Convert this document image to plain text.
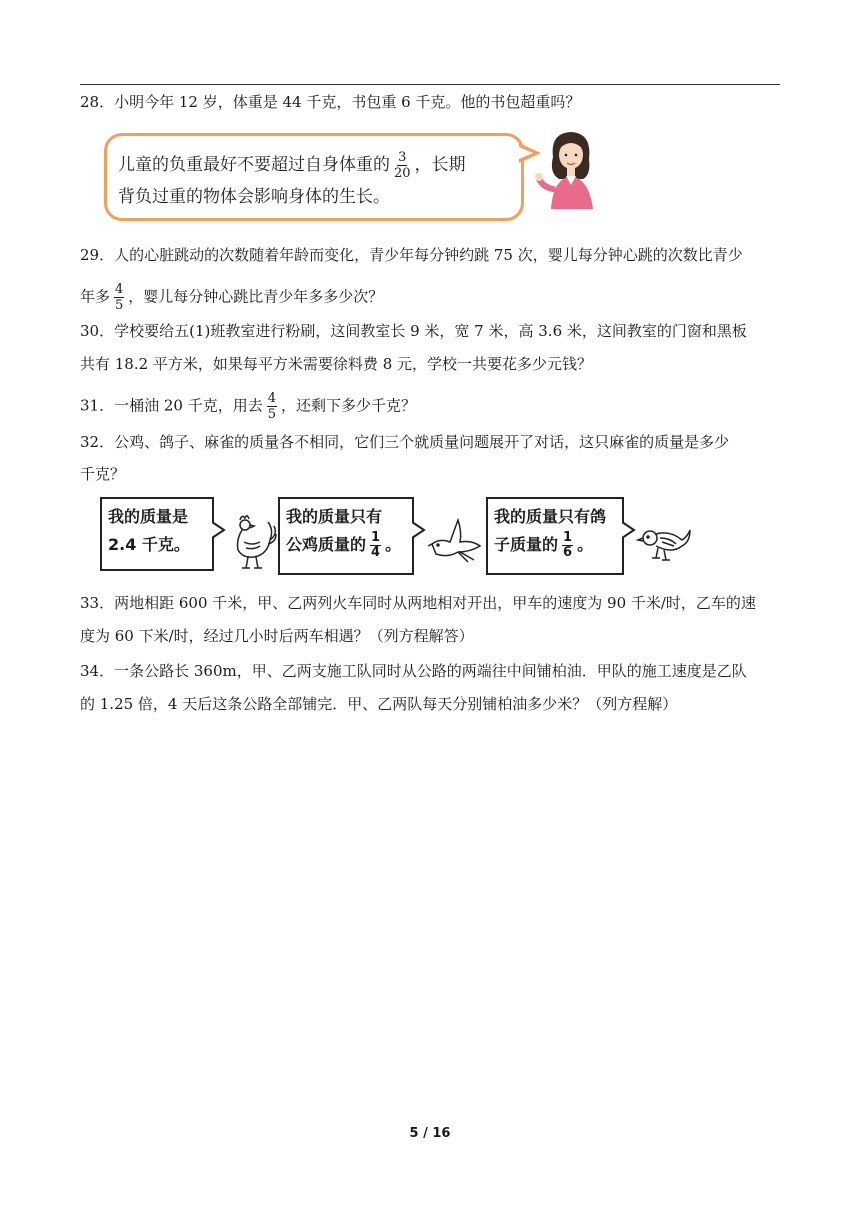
28．小明今年 12 岁，体重是 44 千克，书包重 6 千克。他的书包超重吗？
儿童的负重最好不要超过自身体重的 $\frac{3}{20}$ ，长期
背负过重的物体会影响身体的生长。
29．人的心脏跳动的次数随着年龄而变化，青少年每分钟约跳 75 次，婴儿每分钟心跳的次数比青少
年多 $\frac{4}{5}$ ，婴儿每分钟心跳比青少年多多少次？
30．学校要给五(1)班教室进行粉刷，这间教室长 9 米，宽 7 米，高 3.6 米，这间教室的门窗和黑板
共有 18.2 平方米，如果每平方米需要徐料费 8 元，学校一共要花多少元钱？
31．一桶油 20 千克，用去 $\frac{4}{5}$ ，还剩下多少千克？
32．公鸡、鸽子、麻雀的质量各不相同，它们三个就质量问题展开了对话，这只麻雀的质量是多少
千克？
我的质量是
2.4 千克。
我的质量只有
公鸡质量的 $\frac{1}{4}$ 。
我的质量只有鸽
子质量的 $\frac{1}{6}$ 。
33．两地相距 600 千米，甲、乙两列火车同时从两地相对开出，甲车的速度为 90 千米/时，乙车的速
度为 60 下米/时，经过几小时后两车相遇？（列方程解答）
34．一条公路长 360m，甲、乙两支施工队同时从公路的两端往中间铺柏油．甲队的施工速度是乙队
的 1.25 倍，4 天后这条公路全部铺完．甲、乙两队每天分别铺柏油多少米？（列方程解）
5 / 16
